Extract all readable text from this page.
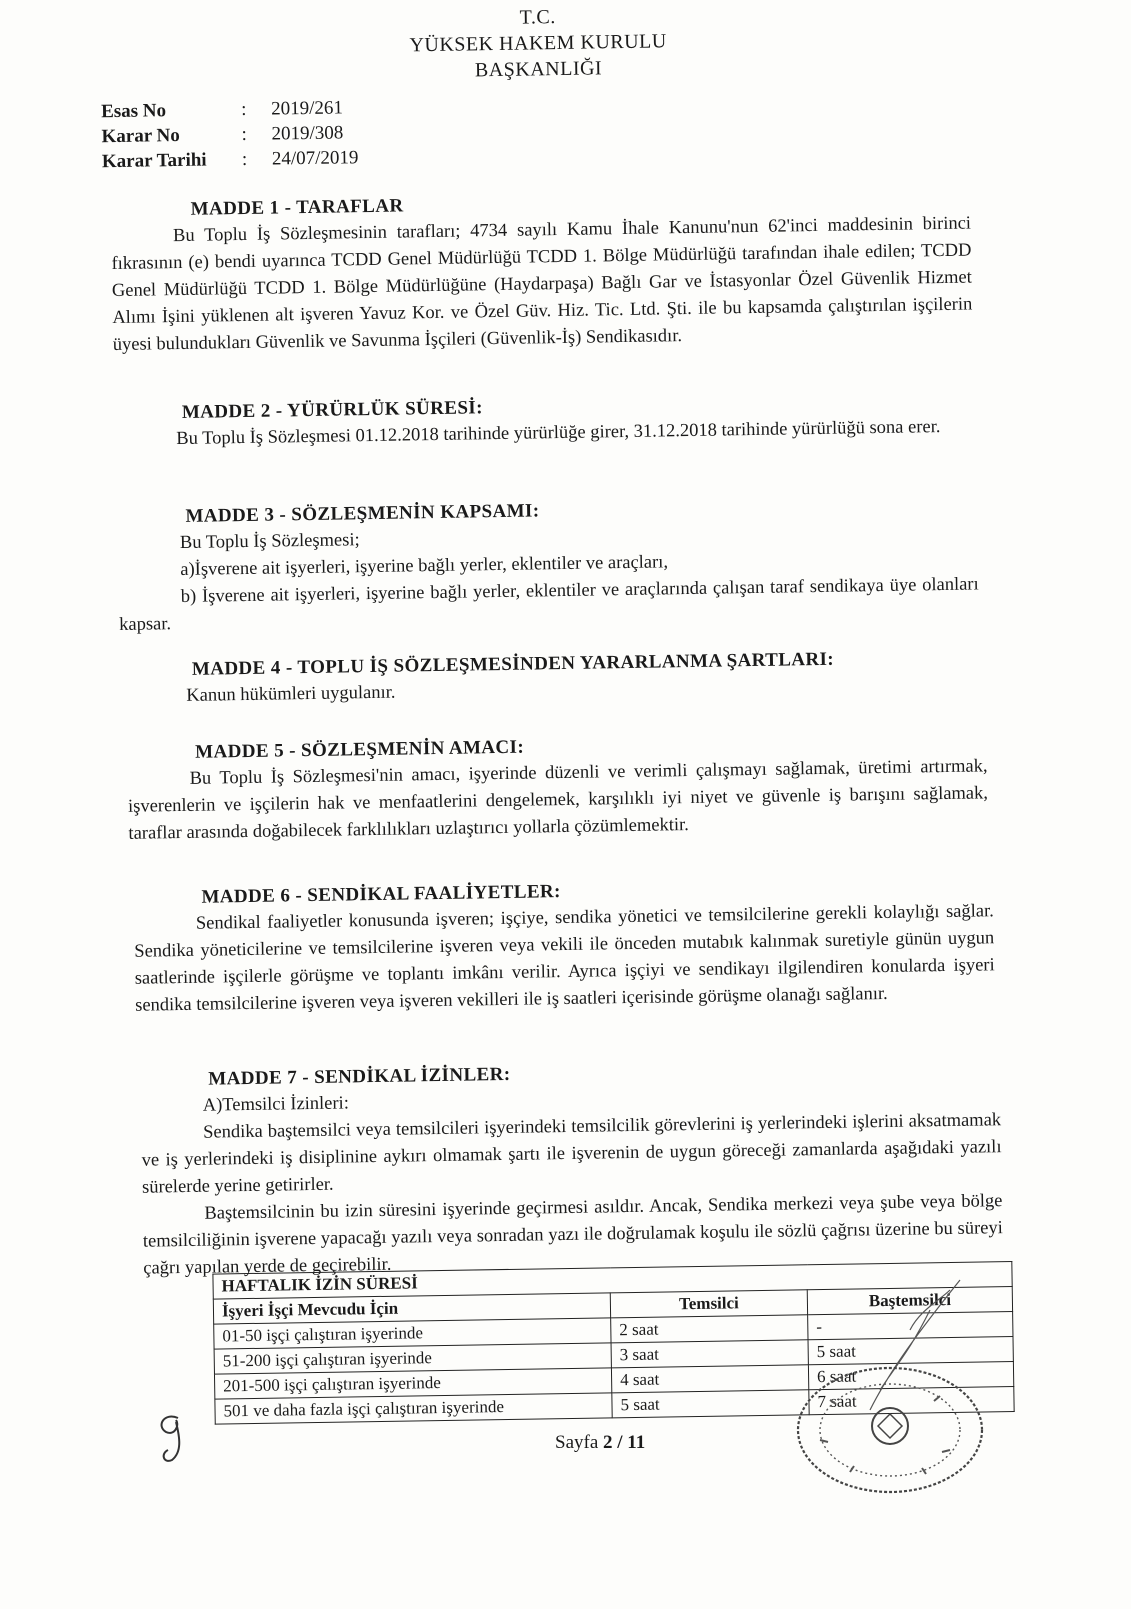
T.C.
YÜKSEK HAKEM KURULU
BAŞKANLIĞI
Esas No	:	2019/261
Karar No	:	2019/308
Karar Tarihi	:	24/07/2019
MADDE 1 - TARAFLAR

Bu Toplu İş Sözleşmesinin tarafları; 4734 sayılı Kamu İhale Kanunu'nun 62'inci maddesinin birinci fıkrasının (e) bendi uyarınca TCDD Genel Müdürlüğü TCDD 1. Bölge Müdürlüğü tarafından ihale edilen; TCDD Genel Müdürlüğü TCDD 1. Bölge Müdürlüğüne (Haydarpaşa) Bağlı Gar ve İstasyonlar Özel Güvenlik Hizmet Alımı İşini yüklenen alt işveren Yavuz Kor. ve Özel Güv. Hiz. Tic. Ltd. Şti. ile bu kapsamda çalıştırılan işçilerin üyesi bulundukları Güvenlik ve Savunma İşçileri (Güvenlik-İş) Sendikasıdır.

MADDE 2 - YÜRÜRLÜK SÜRESİ:

Bu Toplu İş Sözleşmesi 01.12.2018 tarihinde yürürlüğe girer, 31.12.2018 tarihinde yürürlüğü sona erer.

MADDE 3 - SÖZLEŞMENİN KAPSAMI:

Bu Toplu İş Sözleşmesi;

a)İşverene ait işyerleri, işyerine bağlı yerler, eklentiler ve araçları,

b) İşverene ait işyerleri, işyerine bağlı yerler, eklentiler ve araçlarında çalışan taraf sendikaya üye olanları kapsar.

MADDE 4 - TOPLU İŞ SÖZLEŞMESİNDEN YARARLANMA ŞARTLARI:

Kanun hükümleri uygulanır.

MADDE 5 - SÖZLEŞMENİN AMACI:

Bu Toplu İş Sözleşmesi'nin amacı, işyerinde düzenli ve verimli çalışmayı sağlamak, üretimi artırmak, işverenlerin ve işçilerin hak ve menfaatlerini dengelemek, karşılıklı iyi niyet ve güvenle iş barışını sağlamak, taraflar arasında doğabilecek farklılıkları uzlaştırıcı yollarla çözümlemektir.

MADDE 6 - SENDİKAL FAALİYETLER:

Sendikal faaliyetler konusunda işveren; işçiye, sendika yönetici ve temsilcilerine gerekli kolaylığı sağlar. Sendika yöneticilerine ve temsilcilerine işveren veya vekili ile önceden mutabık kalınmak suretiyle günün uygun saatlerinde işçilerle görüşme ve toplantı imkânı verilir. Ayrıca işçiyi ve sendikayı ilgilendiren konularda işyeri sendika temsilcilerine işveren veya işveren vekilleri ile iş saatleri içerisinde görüşme olanağı sağlanır.

MADDE 7 - SENDİKAL İZİNLER:

A)Temsilci İzinleri:

Sendika baştemsilci veya temsilcileri işyerindeki temsilcilik görevlerini iş yerlerindeki işlerini aksatmamak ve iş yerlerindeki iş disiplinine aykırı olmamak şartı ile işverenin de uygun göreceği zamanlarda aşağıdaki yazılı sürelerde yerine getirirler.

Baştemsilcinin bu izin süresini işyerinde geçirmesi asıldır. Ancak, Sendika merkezi veya şube veya bölge temsilciliğinin işverene yapacağı yazılı veya sonradan yazı ile doğrulamak koşulu ile sözlü çağrısı üzerine bu süreyi çağrı yapılan yerde de geçirebilir.

HAFTALIK İZİN SÜRESİ		
İşyeri İşçi Mevcudu İçin	Temsilci	Baştemsilci
01-50 işçi çalıştıran işyerinde	2 saat	-
51-200 işçi çalıştıran işyerinde	3 saat	5 saat
201-500 işçi çalıştıran işyerinde	4 saat	6 saat
501 ve daha fazla işçi çalıştıran işyerinde	5 saat	7 saat
Sayfa 2 / 11
